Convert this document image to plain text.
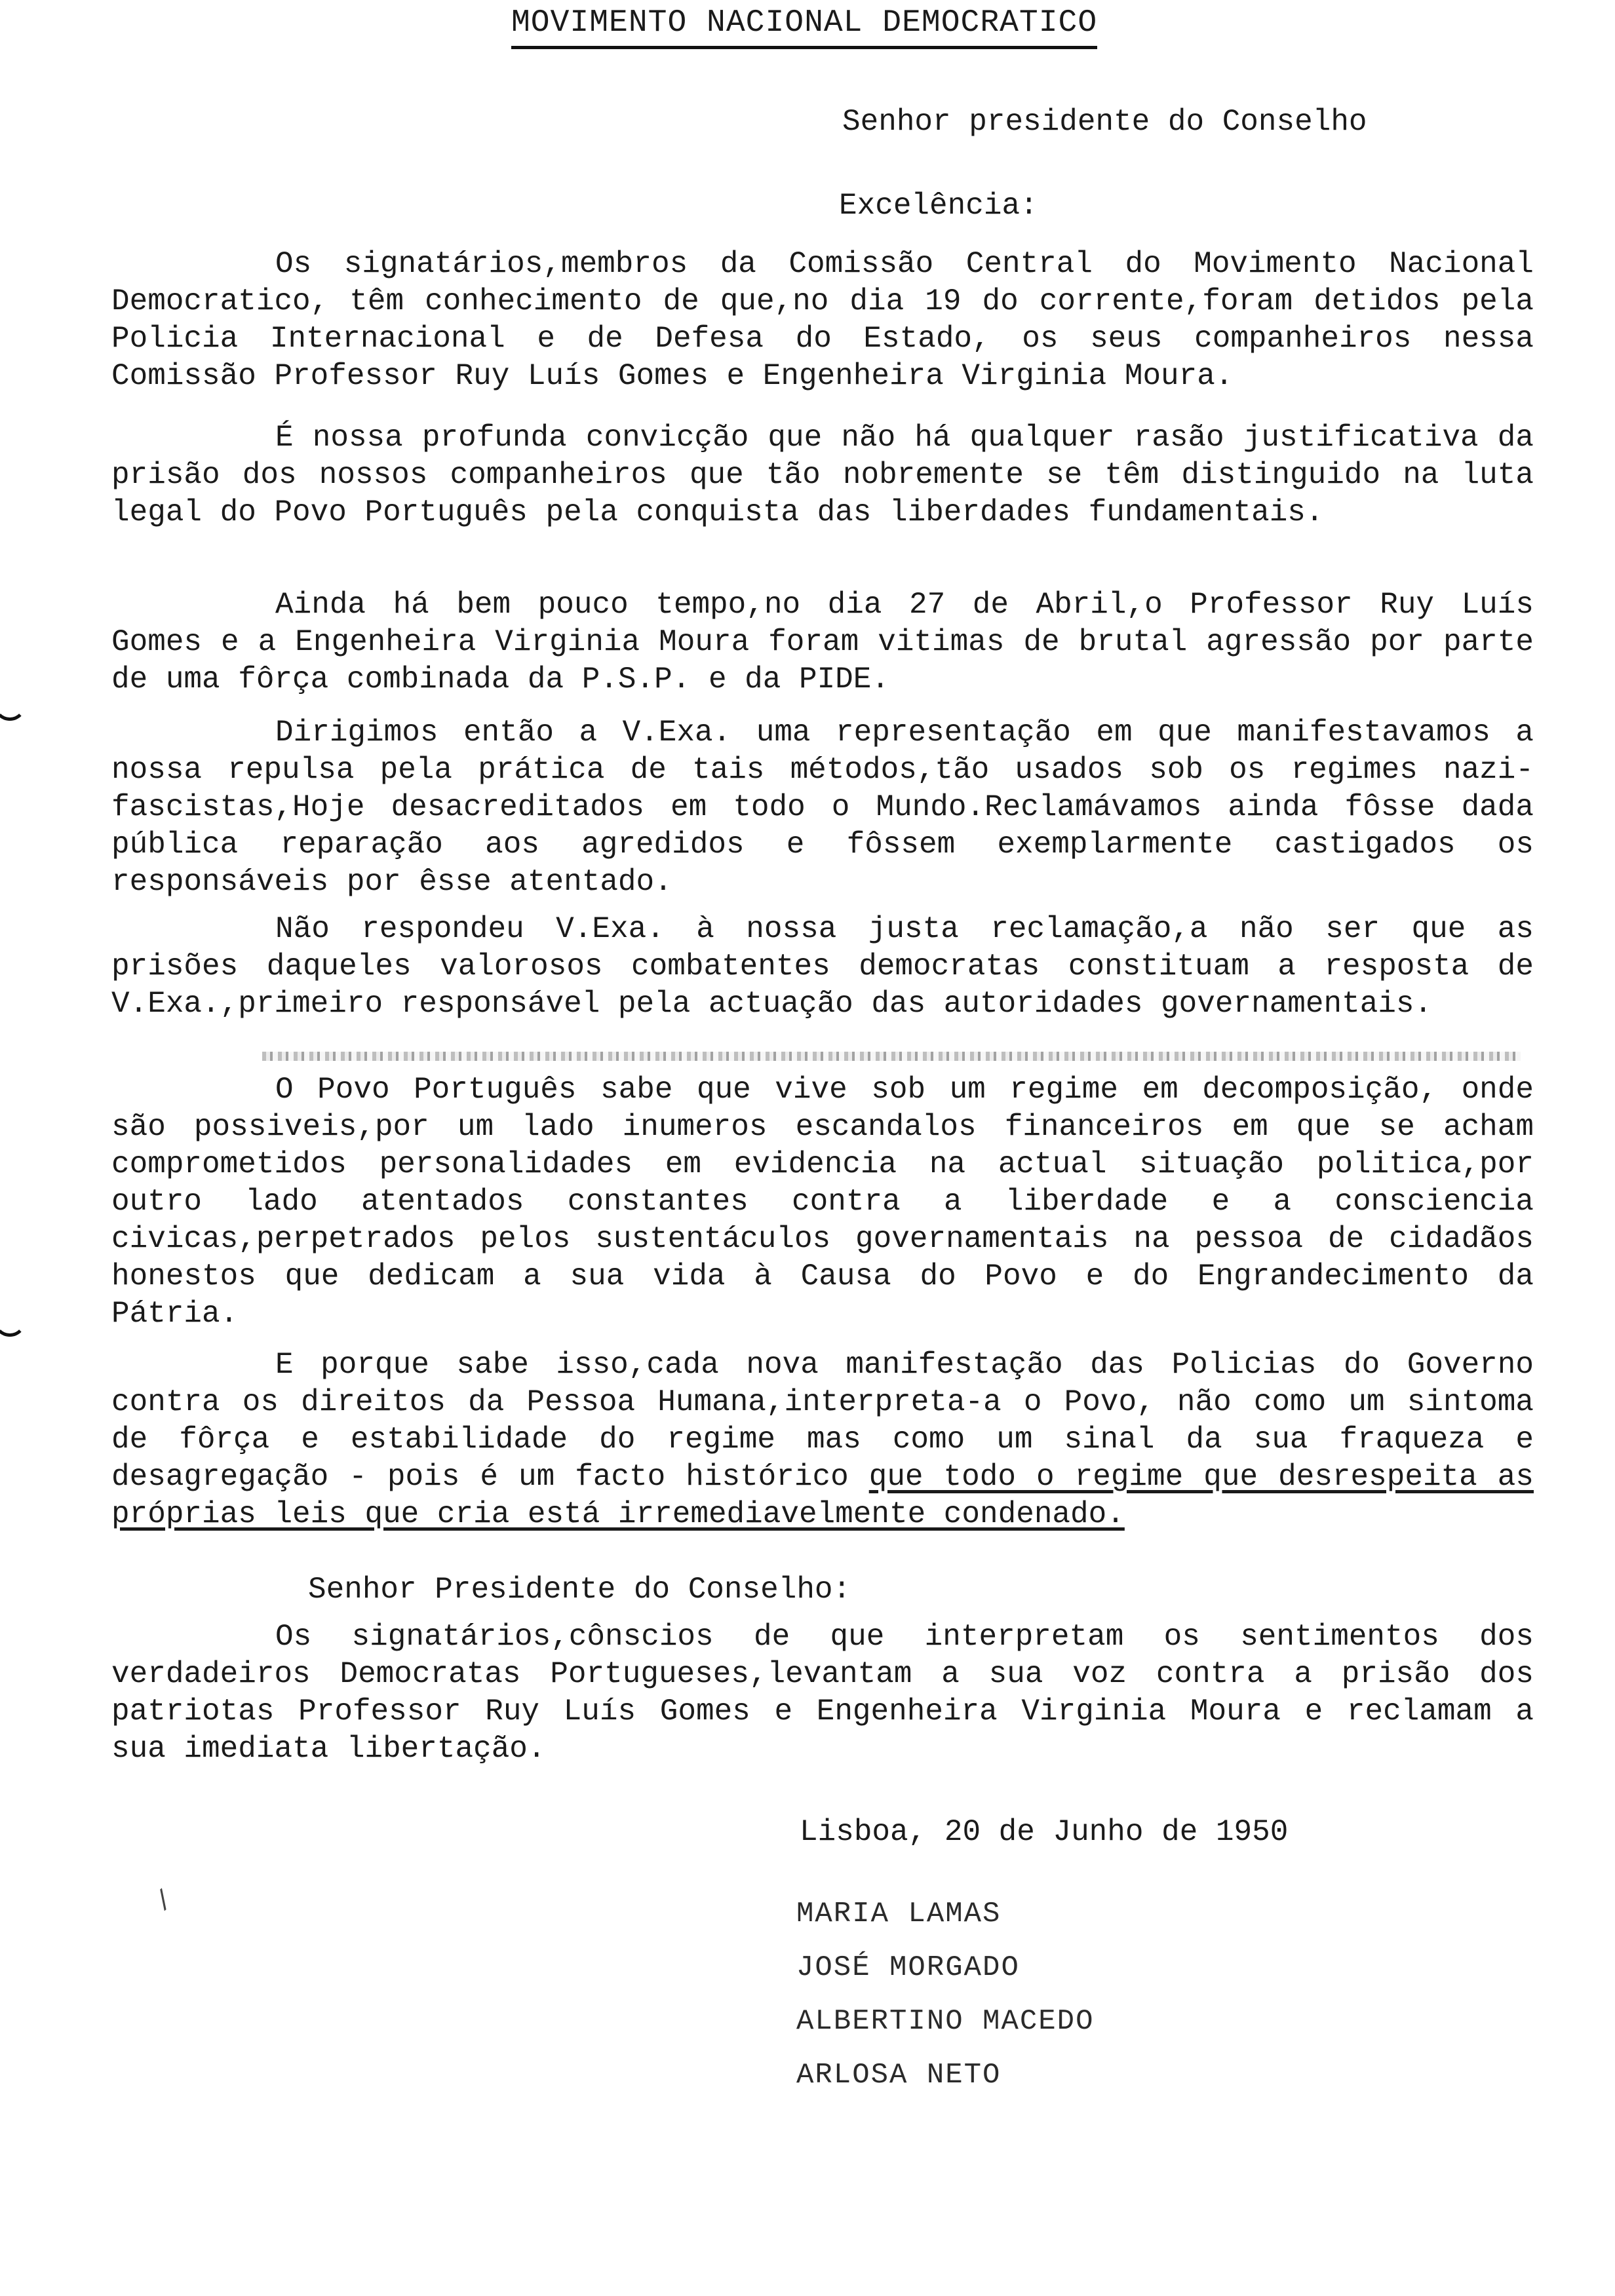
MOVIMENTO NACIONAL DEMOCRATICO
Senhor presidente do Conselho
Excelência:

Os signatários,membros da Comissão Central do Movimento Nacional Democratico, têm conhecimento de que,no dia 19 do corrente,foram detidos pela Policia Internacional e de Defesa do Estado, os seus companheiros nessa Comissão Professor Ruy Luís Gomes e Engenheira Virginia Moura.

É nossa profunda convicção que não há qualquer rasão justificativa da prisão dos nossos companheiros que tão nobremente se têm distinguido na luta legal do Povo Português pela conquista das liberdades fundamentais.

Ainda há bem pouco tempo,no dia 27 de Abril,o Professor Ruy Luís Gomes e a Engenheira Virginia Moura foram vitimas de brutal agressão por parte de uma fôrça combinada da P.S.P. e da PIDE.

Dirigimos então a V.Exa. uma representação em que manifestavamos a nossa repulsa pela prática de tais métodos,tão usados sob os regimes nazi-fascistas,Hoje desacreditados em todo o Mundo.Reclamávamos ainda fôsse dada pública reparação aos agredidos e fôssem exemplarmente castigados os responsáveis por êsse atentado.

Não respondeu V.Exa. à nossa justa reclamação,a não ser que as prisões daqueles valorosos combatentes democratas constituam a resposta de V.Exa.,primeiro responsável pela actuação das autoridades governamentais.

O Povo Português sabe que vive sob um regime em decomposição, onde são possiveis,por um lado inumeros escandalos financeiros em que se acham comprometidos personalidades em evidencia na actual situação politica,por outro lado atentados constantes contra a liberdade e a consciencia civicas,perpetrados pelos sustentáculos governamentais na pessoa de cidadãos honestos que dedicam a sua vida à Causa do Povo e do Engrandecimento da Pátria.

E porque sabe isso,cada nova manifestação das Policias do Governo contra os direitos da Pessoa Humana,interpreta-a o Povo, não como um sintoma de fôrça e estabilidade do regime mas como um sinal da sua fraqueza e desagregação - pois é um facto histórico que todo o regime que desrespeita as próprias leis que cria está irremediavelmente condenado.

Senhor Presidente do Conselho:

Os signatários,cônscios de que interpretam os sentimentos dos verdadeiros Democratas Portugueses,levantam a sua voz contra a prisão dos patriotas Professor Ruy Luís Gomes e Engenheira Virginia Moura e reclamam a sua imediata libertação.

Lisboa, 20 de Junho de 1950
MARIA LAMAS
JOSÉ MORGADO
ALBERTINO MACEDO
ARLOSA NETO
/
